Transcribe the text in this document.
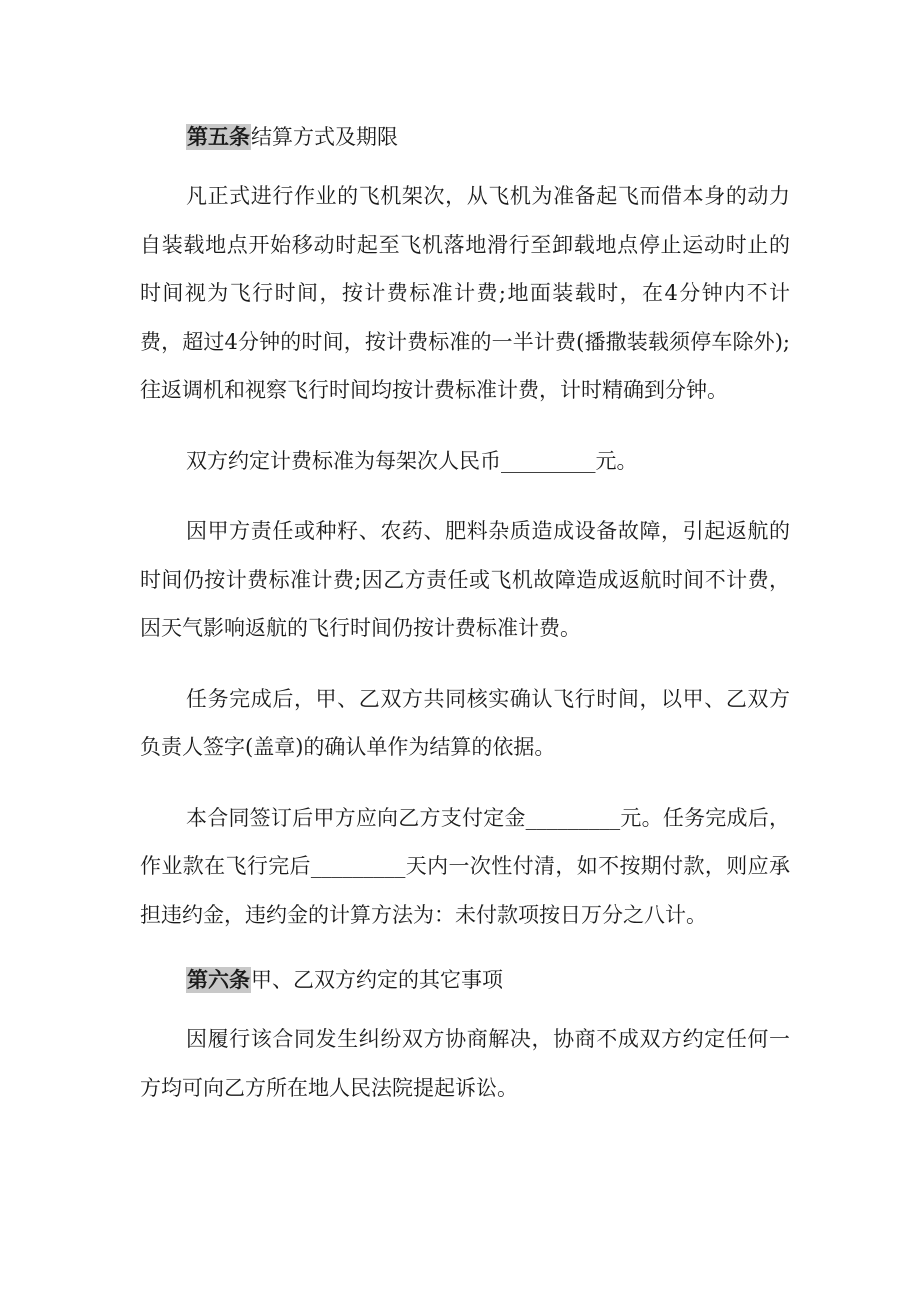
第五条结算方式及期限

凡正式进行作业的飞机架次，从飞机为准备起飞而借本身的动力自装载地点开始移动时起至飞机落地滑行至卸载地点停止运动时止的时间视为飞行时间，按计费标准计费;地面装载时，在4分钟内不计费，超过4分钟的时间，按计费标准的一半计费(播撒装载须停车除外);往返调机和视察飞行时间均按计费标准计费，计时精确到分钟。

双方约定计费标准为每架次人民币_________元。

因甲方责任或种籽、农药、肥料杂质造成设备故障，引起返航的时间仍按计费标准计费;因乙方责任或飞机故障造成返航时间不计费，因天气影响返航的飞行时间仍按计费标准计费。

任务完成后，甲、乙双方共同核实确认飞行时间，以甲、乙双方负责人签字(盖章)的确认单作为结算的依据。

本合同签订后甲方应向乙方支付定金_________元。任务完成后，作业款在飞行完后_________天内一次性付清，如不按期付款，则应承担违约金，违约金的计算方法为：未付款项按日万分之八计。

第六条甲、乙双方约定的其它事项

因履行该合同发生纠纷双方协商解决，协商不成双方约定任何一方均可向乙方所在地人民法院提起诉讼。
